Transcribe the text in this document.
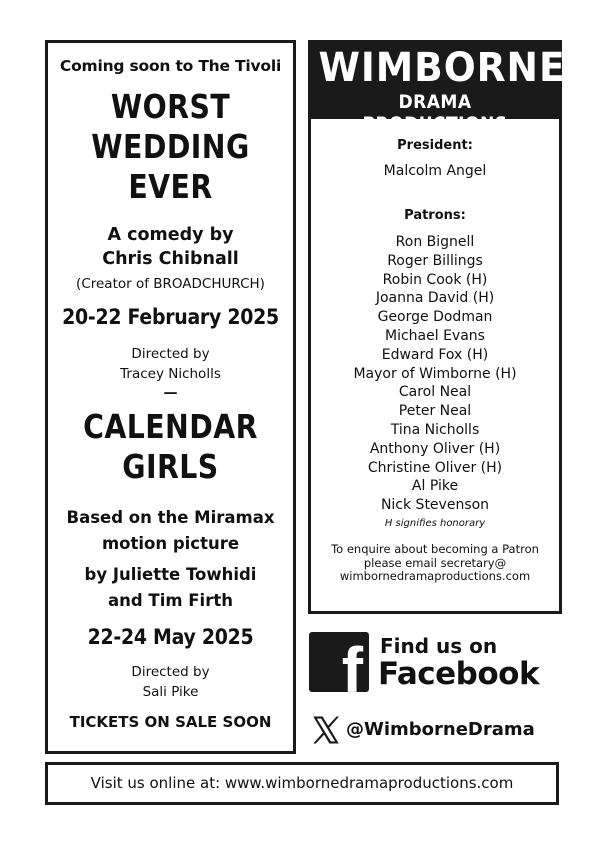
Coming soon to The Tivoli
WORST
WEDDING
EVER
A comedy by
Chris Chibnall
(Creator of BROADCHURCH)
20-22 February 2025
Directed by
Tracey Nicholls
—
CALENDAR
GIRLS
Based on the Miramax
motion picture
by Juliette Towhidi
and Tim Firth
22-24 May 2025
Directed by
Sali Pike
TICKETS ON SALE SOON
WIMBORNE
DRAMA PRODUCTIONS
President:
Malcolm Angel
Patrons:
Ron Bignell
Roger Billings
Robin Cook (H)
Joanna David (H)
George Dodman
Michael Evans
Edward Fox (H)
Mayor of Wimborne (H)
Carol Neal
Peter Neal
Tina Nicholls
Anthony Oliver (H)
Christine Oliver (H)
Al Pike
Nick Stevenson
H signifies honorary
To enquire about becoming a Patron
please email secretary@
wimbornedramaproductions.com
f Find us on
Facebook
@WimborneDrama
Visit us online at: www.wimbornedramaproductions.com
